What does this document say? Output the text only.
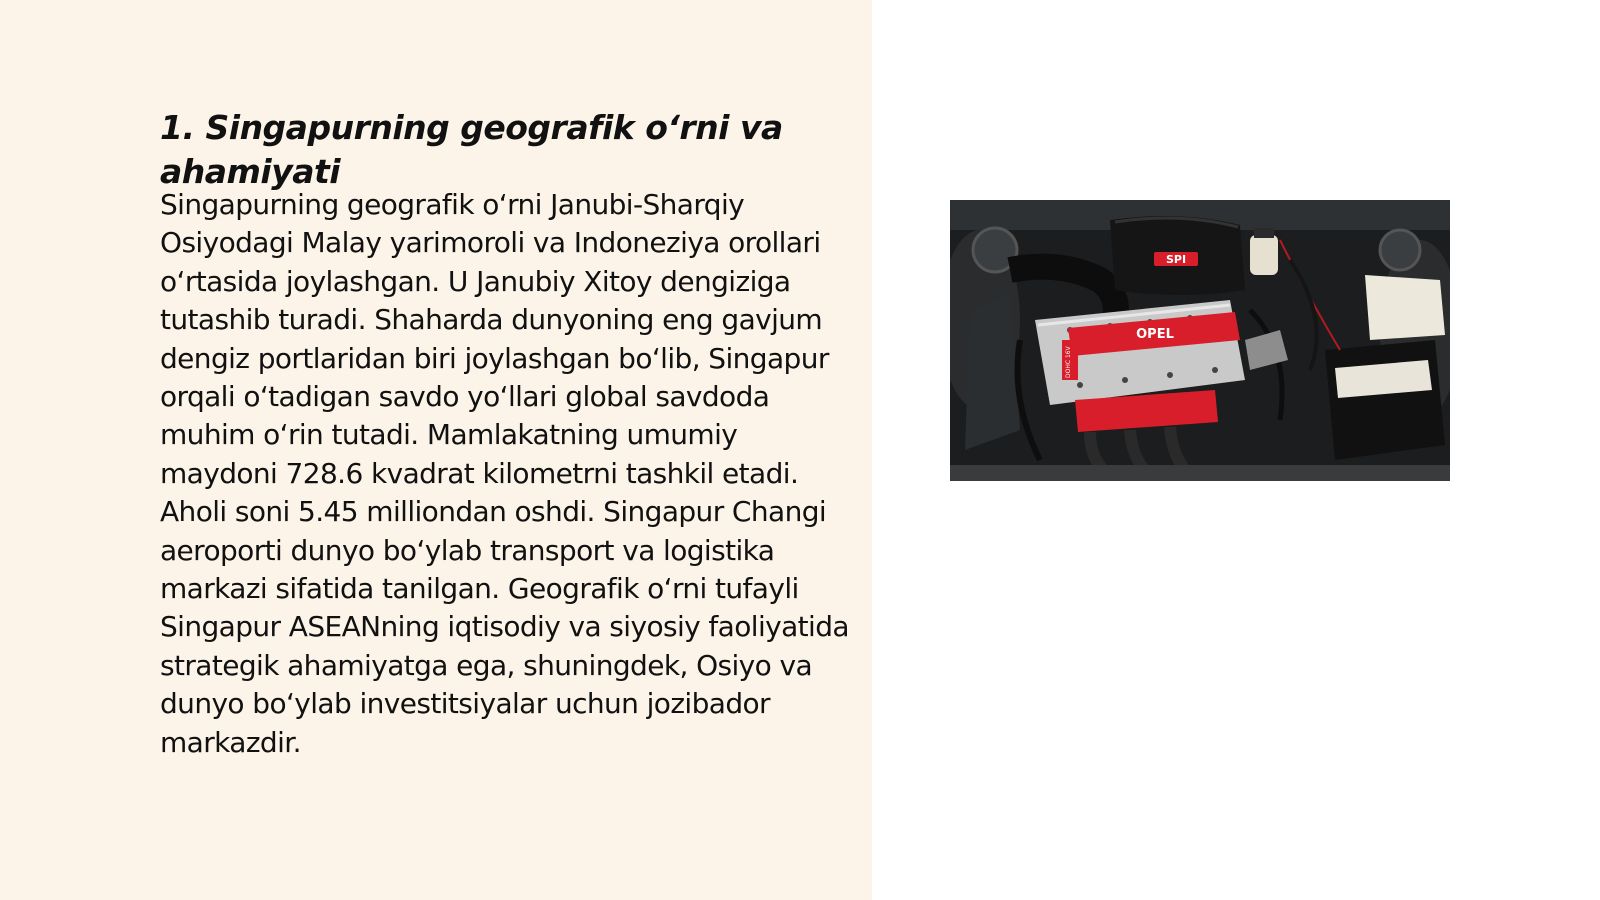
1. Singapurning geografik o‘rni va ahamiyati

Singapurning geografik o‘rni Janubi-Sharqiy Osiyodagi Malay yarimoroli va Indoneziya orollari o‘rtasida joylashgan. U Janubiy Xitoy dengiziga tutashib turadi. Shaharda dunyoning eng gavjum dengiz portlaridan biri joylashgan bo‘lib, Singapur orqali o‘tadigan savdo yo‘llari global savdoda muhim o‘rin tutadi. Mamlakatning umumiy maydoni 728.6 kvadrat kilometrni tashkil etadi. Aholi soni 5.45 milliondan oshdi. Singapur Changi aeroporti dunyo bo‘ylab transport va logistika markazi sifatida tanilgan. Geografik o‘rni tufayli Singapur ASEANning iqtisodiy va siyosiy faoliyatida strategik ahamiyatga ega, shuningdek, Osiyo va dunyo bo‘ylab investitsiyalar uchun jozibador markazdir.

SPI
OPEL
DOHC 16V
